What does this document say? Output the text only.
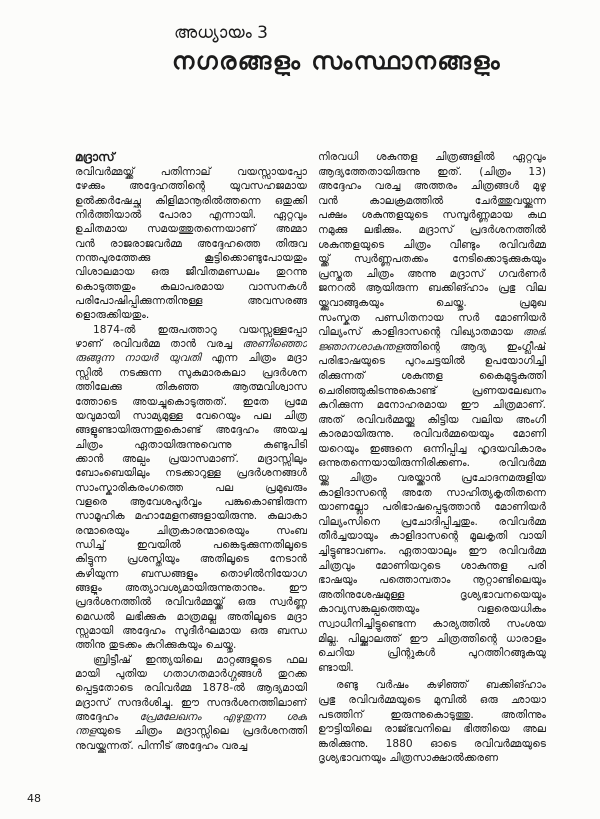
അധ്യായം 3
നഗരങ്ങളും സംസ്ഥാനങ്ങളും
മദ്രാസ്
രവിവർമ്മയ്ക്ക് പതിന്നാല് വയസ്സായപ്പോ
ഴേക്കും അദ്ദേഹത്തിന്റെ യുവസഹജമായ
ഉൽക്കർഷേച്ഛ കിളിമാനൂരിൽത്തന്നെ ഒതുക്കി
നിർത്തിയാൽ പോരാ എന്നായി. ഏറ്റവും
ഉചിതമായ സമയത്തുതന്നെയാണ് അമ്മാ
വൻ രാജരാജവർമ്മ അദ്ദേഹത്തെ തിരുവ
നന്തപുരത്തേക്കു കൂട്ടിക്കൊണ്ടുപോയതും
വിശാലമായ ഒരു ജീവിതമണ്ഡലം തുറന്നു
കൊടുത്തതും കലാപരമായ വാസനകൾ
പരിപോഷിപ്പിക്കുന്നതിനുള്ള അവസരങ്ങ
ളൊരുക്കിയതും.
1874-ൽ ഇരുപത്താറു വയസ്സുള്ളപ്പോ
ഴാണ് രവിവർമ്മ താൻ വരച്ച അണിഞ്ഞൊ
രുങ്ങുന്ന നായർ യുവതി എന്ന ചിത്രം മദ്രാ
സ്സിൽ നടക്കുന്ന സുകുമാരകലാ പ്രദർശന
ത്തിലേക്കു തികഞ്ഞ ആത്മവിശ്വാസ
ത്തോടെ അയച്ചുകൊടുത്തത്. ഇതേ പ്രമേ
യവുമായി സാമ്യമുള്ള വേറെയും പല ചിത്ര
ങ്ങളുണ്ടായിരുന്നതുകൊണ്ട് അദ്ദേഹം അയച്ച
ചിത്രം ഏതായിരുന്നുവെന്നു കണ്ടുപിടി
ക്കാൻ അല്പം പ്രയാസമാണ്. മദ്രാസ്സിലും
ബോംബെയിലും നടക്കാറുള്ള പ്രദർശനങ്ങൾ
സാംസ്കാരികരംഗത്തെ പല പ്രമുഖരും
വളരെ ആവേശപൂർവ്വം പങ്കുകൊണ്ടിരുന്ന
സാമൂഹിക മഹാമേളനങ്ങളായിരുന്നു. കലാകാ
രന്മാരെയും ചിത്രകാരന്മാരെയും സംബ
ന്ധിച്ച് ഇവയിൽ പങ്കെടുക്കുന്നതിലൂടെ
കിട്ടുന്ന പ്രശസ്തിയും അതിലൂടെ നേടാൻ
കഴിയുന്ന ബന്ധങ്ങളും തൊഴിൽനിയോഗ
ങ്ങളും അത്യാവശ്യമായിരുന്നുതാനും. ഈ
പ്രദർശനത്തിൽ രവിവർമ്മയ്ക്ക് ഒരു സ്വർണ്ണ
മെഡൽ ലഭിക്കുക മാത്രമല്ല അതിലൂടെ മദ്രാ
സ്സുമായി അദ്ദേഹം സുദീർഘമായ ഒരു ബന്ധ
ത്തിനു തുടക്കം കുറിക്കുകയും ചെയ്തു.
ബ്രിട്ടീഷ് ഇന്ത്യയിലെ മാറ്റങ്ങളുടെ ഫല
മായി പുതിയ ഗതാഗതമാർഗ്ഗങ്ങൾ തുറക്ക
പ്പെട്ടതോടെ രവിവർമ്മ 1878-ൽ ആദ്യമായി
മദ്രാസ് സന്ദർശിച്ചു. ഈ സന്ദർശനത്തിലാണ്
അദ്ദേഹം പ്രേമലേഖനം എഴുതുന്ന ശകു
ന്തളയുടെ ചിത്രം മദ്രാസ്സിലെ പ്രദർശനത്തി
നുവയ്ക്കുന്നത്. പിന്നീട് അദ്ദേഹം വരച്ച
നിരവധി ശകുന്തള ചിത്രങ്ങളിൽ ഏറ്റവും
ആദ്യത്തേതായിരുന്നു ഇത്. (ചിത്രം 13)
അദ്ദേഹം വരച്ച അത്തരം ചിത്രങ്ങൾ മുഴു
വൻ കാലക്രമത്തിൽ ചേർത്തുവയ്ക്കുന്ന
പക്ഷം ശകുന്തളയുടെ സമ്പൂർണ്ണമായ കഥ
നമുക്കു ലഭിക്കും. മദ്രാസ് പ്രദർശനത്തിൽ
ശകുന്തളയുടെ ചിത്രം വീണ്ടും രവിവർമ്മ
യ്ക്ക് സ്വർണ്ണപതക്കം നേടിക്കൊടുക്കുകയും
പ്രസ്തുത ചിത്രം അന്നു മദ്രാസ് ഗവർണർ
ജനറൽ ആയിരുന്ന ബക്കിങ്ഹാം പ്രഭു വില
യ്ക്കുവാങ്ങുകയും ചെയ്തു. പ്രമുഖ
സംസ്കൃത പണ്ഡിതനായ സർ മോണിയർ
വില്യംസ് കാളിദാസന്റെ വിഖ്യാതമായ അഭി
ജ്ഞാനശാകുന്തളത്തിന്റെ ആദ്യ ഇംഗ്ലീഷ്
പരിഭാഷയുടെ പുറംചട്ടയിൽ ഉപയോഗിച്ചി
രിക്കുന്നത് ശകുന്തള കൈമുട്ടുകുത്തി
ചെരിഞ്ഞുകിടന്നുകൊണ്ട് പ്രണയലേഖനം
കുറിക്കുന്ന മനോഹരമായ ഈ ചിത്രമാണ്.
അത് രവിവർമ്മയ്ക്കു കിട്ടിയ വലിയ അംഗീ
കാരമായിരുന്നു. രവിവർമ്മയെയും മോണി
യറെയും ഇങ്ങനെ ഒന്നിപ്പിച്ച ഹൃദയവികാരം
ഒന്നുതന്നെയായിരുന്നിരിക്കണം. രവിവർമ്മ
യ്ക്കു ചിത്രം വരയ്ക്കാൻ പ്രചോദനമരുളിയ
കാളിദാസന്റെ അതേ സാഹിത്യകൃതിതന്നെ
യാണല്ലോ പരിഭാഷപ്പെടുത്താൻ മോണിയർ
വില്യംസിനെ പ്രചോദിപ്പിച്ചതും. രവിവർമ്മ
തീർച്ചയായും കാളിദാസന്റെ മൂലകൃതി വായി
ച്ചിട്ടുണ്ടാവണം. ഏതായാലും ഈ രവിവർമ്മ
ചിത്രവും മോണിയറുടെ ശാകുന്തള പരി
ഭാഷയും പത്തൊമ്പതാം നൂറ്റാണ്ടിലെയും
അതിനുശേഷമുള്ള ദൃശ്യഭാവനയെയും
കാവ്യസങ്കല്പത്തെയും വളരെയധികം
സ്വാധീനിച്ചിട്ടുണ്ടെന്ന കാര്യത്തിൽ സംശയ
മില്ല. പില്ക്കാലത്ത് ഈ ചിത്രത്തിന്റെ ധാരാളം
ചെറിയ പ്രിന്റുകൾ പുറത്തിറങ്ങുകയു
ണ്ടായി.
രണ്ടു വർഷം കഴിഞ്ഞ് ബക്കിങ്ഹാം
പ്രഭു രവിവർമ്മയുടെ മുമ്പിൽ ഒരു ഛായാ
പടത്തിന് ഇരുന്നുകൊടുത്തു. അതിന്നും
ഊട്ടിയിലെ രാജ്ഭവനിലെ ഭിത്തിയെ അല
ങ്കരിക്കുന്നു. 1880 ഓടെ രവിവർമ്മയുടെ
ദൃശ്യഭാവനയും ചിത്രസാക്ഷാൽക്കരണ
48
